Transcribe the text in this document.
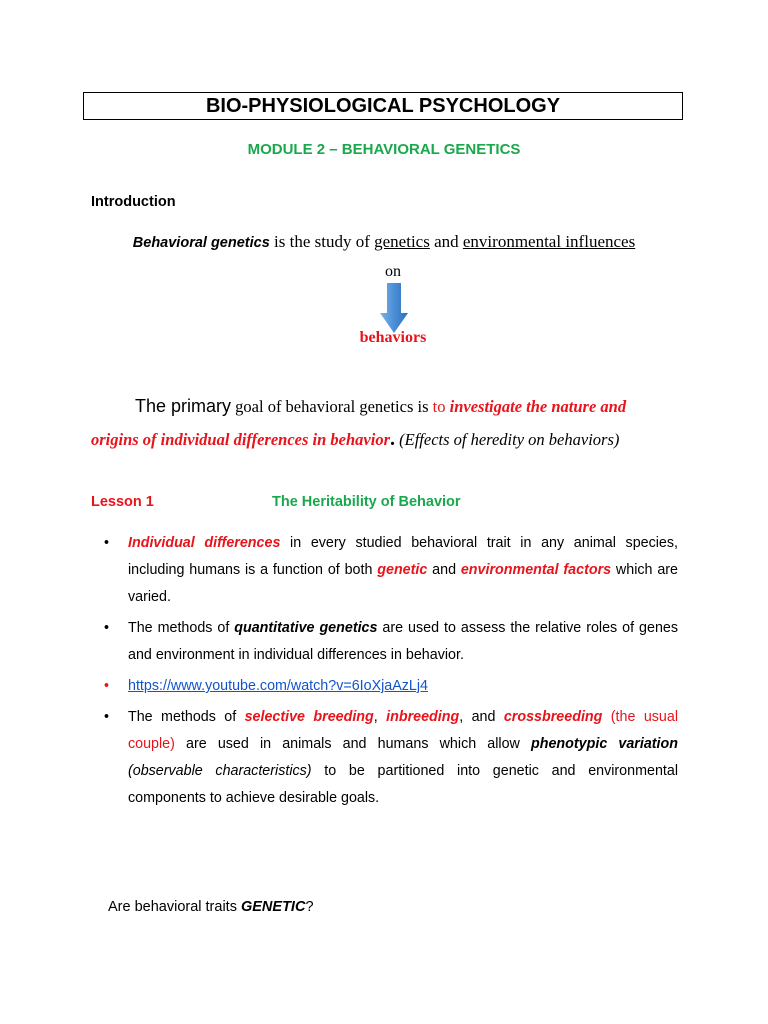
BIO-PHYSIOLOGICAL PSYCHOLOGY
MODULE 2 – BEHAVIORAL GENETICS
Introduction
Behavioral genetics is the study of genetics and environmental influences
on
behaviors
The primary goal of behavioral genetics is to investigate the nature and
origins of individual differences in behavior. (Effects of heredity on behaviors)
Lesson 1	The Heritability of Behavior
• Individual differences in every studied behavioral trait in any animal species, including humans is a function of both genetic and environmental factors which are varied.
• The methods of quantitative genetics are used to assess the relative roles of genes and environment in individual differences in behavior.
• https://www.youtube.com/watch?v=6IoXjaAzLj4
• The methods of selective breeding, inbreeding, and crossbreeding (the usual couple) are used in animals and humans which allow phenotypic variation (observable characteristics) to be partitioned into genetic and environmental components to achieve desirable goals.
Are behavioral traits GENETIC?
